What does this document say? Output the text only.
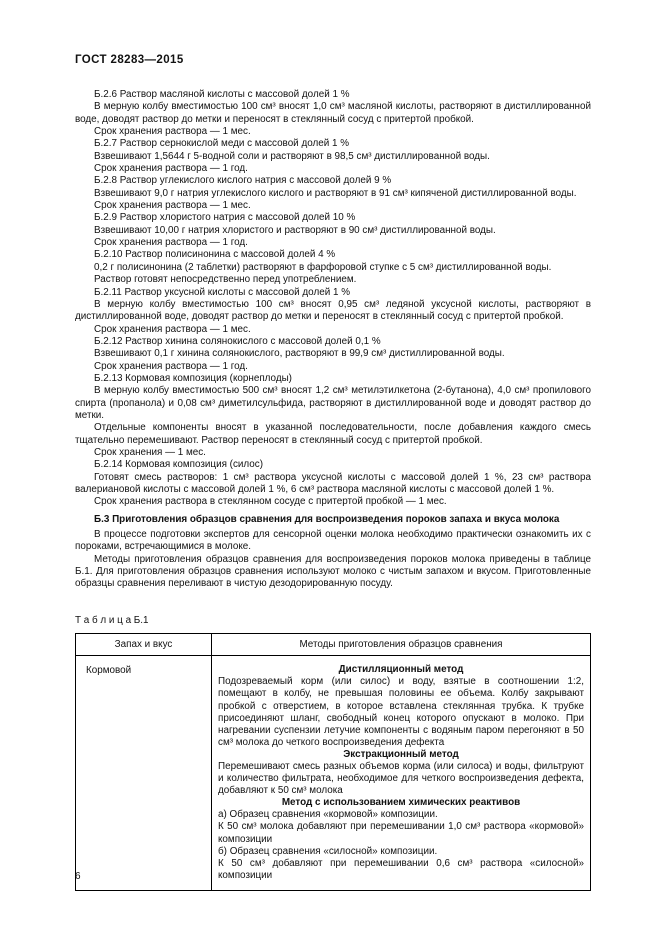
ГОСТ 28283—2015
Б.2.6 Раствор масляной кислоты с массовой долей 1 %
В мерную колбу вместимостью 100 см³ вносят 1,0 см³ масляной кислоты, растворяют в дистиллированной воде, доводят раствор до метки и переносят в стеклянный сосуд с притертой пробкой.
Срок хранения раствора — 1 мес.
Б.2.7 Раствор сернокислой меди с массовой долей 1 %
Взвешивают 1,5644 г 5-водной соли и растворяют в 98,5 см³ дистиллированной воды.
Срок хранения раствора — 1 год.
Б.2.8 Раствор углекислого кислого натрия с массовой долей 9 %
Взвешивают 9,0 г натрия углекислого кислого и растворяют в 91 см³ кипяченой дистиллированной воды.
Срок хранения раствора — 1 мес.
Б.2.9 Раствор хлористого натрия с массовой долей 10 %
Взвешивают 10,00 г натрия хлористого и растворяют в 90 см³ дистиллированной воды.
Срок хранения раствора — 1 год.
Б.2.10 Раствор полисинонина с массовой долей 4 %
0,2 г полисинонина (2 таблетки) растворяют в фарфоровой ступке с 5 см³ дистиллированной воды.
Раствор готовят непосредственно перед употреблением.
Б.2.11 Раствор уксусной кислоты с массовой долей 1 %
В мерную колбу вместимостью 100 см³ вносят 0,95 см³ ледяной уксусной кислоты, растворяют в дистиллированной воде, доводят раствор до метки и переносят в стеклянный сосуд с притертой пробкой.
Срок хранения раствора — 1 мес.
Б.2.12 Раствор хинина солянокислого с массовой долей 0,1 %
Взвешивают 0,1 г хинина солянокислого, растворяют в 99,9 см³ дистиллированной воды.
Срок хранения раствора — 1 год.
Б.2.13 Кормовая композиция (корнеплоды)
В мерную колбу вместимостью 500 см³ вносят 1,2 см³ метилэтилкетона (2-бутанона), 4,0 см³ пропилового спирта (пропанола) и 0,08 см³ диметилсульфида, растворяют в дистиллированной воде и доводят раствор до метки.
Отдельные компоненты вносят в указанной последовательности, после добавления каждого смесь тщательно перемешивают. Раствор переносят в стеклянный сосуд с притертой пробкой.
Срок хранения — 1 мес.
Б.2.14 Кормовая композиция (силос)
Готовят смесь растворов: 1 см³ раствора уксусной кислоты с массовой долей 1 %, 23 см³ раствора валериановой кислоты с массовой долей 1 %, 6 см³ раствора масляной кислоты с массовой долей 1 %.
Срок хранения раствора в стеклянном сосуде с притертой пробкой — 1 мес.
Б.3 Приготовления образцов сравнения для воспроизведения пороков запаха и вкуса молока
В процессе подготовки экспертов для сенсорной оценки молока необходимо практически ознакомить их с пороками, встречающимися в молоке.
Методы приготовления образцов сравнения для воспроизведения пороков молока приведены в таблице Б.1. Для приготовления образцов сравнения используют молоко с чистым запахом и вкусом. Приготовленные образцы сравнения переливают в чистую дезодорированную посуду.
Т а б л и ц а Б.1
Запах и вкус	Методы приготовления образцов сравнения
Кормовой	Дистилляционный метод
Подозреваемый корм (или силос) и воду, взятые в соотношении 1:2, помещают в колбу, не превышая половины ее объема. Колбу закрывают пробкой с отверстием, в которое вставлена стеклянная трубка. К трубке присоединяют шланг, свободный конец которого опускают в молоко. При нагревании суспензии летучие компоненты с водяным паром перегоняют в 50 см³ молока до четкого воспроизведения дефекта
Экстракционный метод
Перемешивают смесь разных объемов корма (или силоса) и воды, фильтруют и количество фильтрата, необходимое для четкого воспроизведения дефекта, добавляют к 50 см³ молока
Метод с использованием химических реактивов
а) Образец сравнения «кормовой» композиции.
К 50 см³ молока добавляют при перемешивании 1,0 см³ раствора «кормовой» композиции
б) Образец сравнения «силосной» композиции.
К 50 см³ добавляют при перемешивании 0,6 см³ раствора «силосной» композиции
6
